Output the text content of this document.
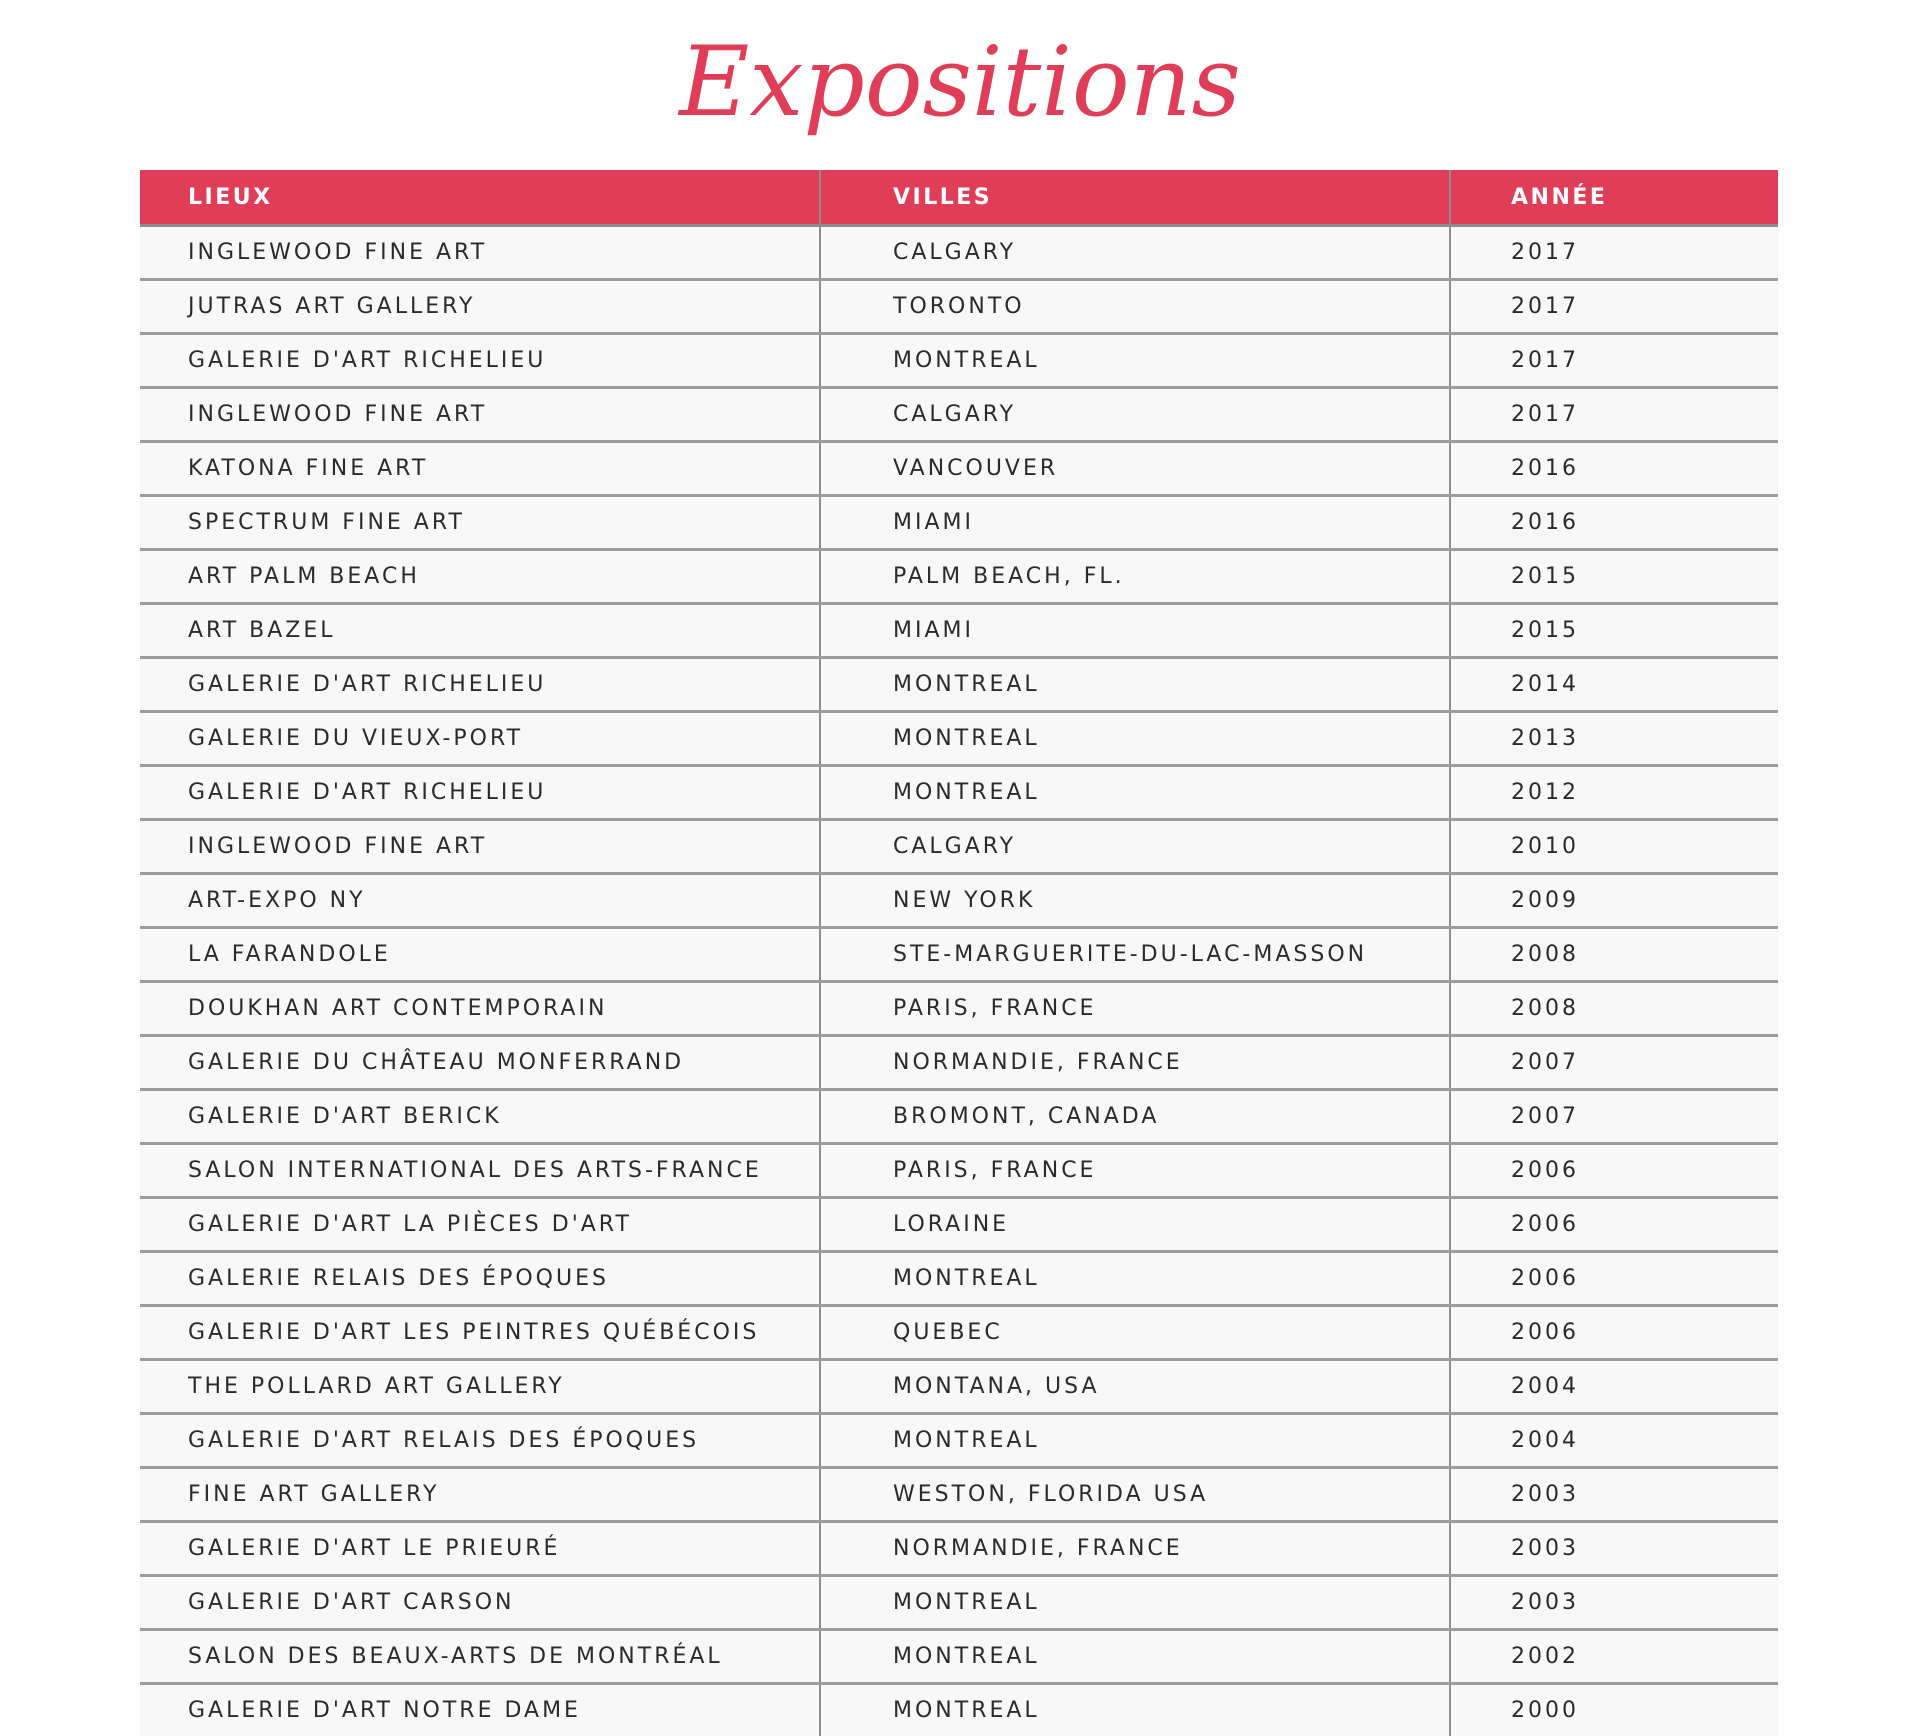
Expositions
LIEUX	VILLES	ANNÉE
INGLEWOOD FINE ART	CALGARY	2017
JUTRAS ART GALLERY	TORONTO	2017
GALERIE D'ART RICHELIEU	MONTREAL	2017
INGLEWOOD FINE ART	CALGARY	2017
KATONA FINE ART	VANCOUVER	2016
SPECTRUM FINE ART	MIAMI	2016
ART PALM BEACH	PALM BEACH, FL.	2015
ART BAZEL	MIAMI	2015
GALERIE D'ART RICHELIEU	MONTREAL	2014
GALERIE DU VIEUX-PORT	MONTREAL	2013
GALERIE D'ART RICHELIEU	MONTREAL	2012
INGLEWOOD FINE ART	CALGARY	2010
ART-EXPO NY	NEW YORK	2009
LA FARANDOLE	STE-MARGUERITE-DU-LAC-MASSON	2008
DOUKHAN ART CONTEMPORAIN	PARIS, FRANCE	2008
GALERIE DU CHÂTEAU MONFERRAND	NORMANDIE, FRANCE	2007
GALERIE D'ART BERICK	BROMONT, CANADA	2007
SALON INTERNATIONAL DES ARTS-FRANCE	PARIS, FRANCE	2006
GALERIE D'ART LA PIÈCES D'ART	LORAINE	2006
GALERIE RELAIS DES ÉPOQUES	MONTREAL	2006
GALERIE D'ART LES PEINTRES QUÉBÉCOIS	QUEBEC	2006
THE POLLARD ART GALLERY	MONTANA, USA	2004
GALERIE D'ART RELAIS DES ÉPOQUES	MONTREAL	2004
FINE ART GALLERY	WESTON, FLORIDA USA	2003
GALERIE D'ART LE PRIEURÉ	NORMANDIE, FRANCE	2003
GALERIE D'ART CARSON	MONTREAL	2003
SALON DES BEAUX-ARTS DE MONTRÉAL	MONTREAL	2002
GALERIE D'ART NOTRE DAME	MONTREAL	2000
